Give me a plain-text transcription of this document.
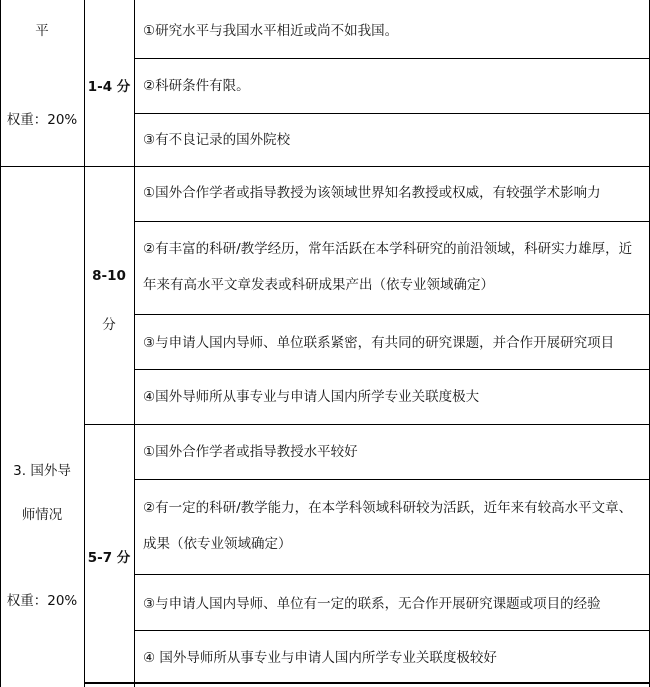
平
权重：20%
1-4 分
①研究水平与我国水平相近或尚不如我国。
②科研条件有限。
③有不良记录的国外院校
3. 国外导
师情况
权重：20%
8-10
分
①国外合作学者或指导教授为该领域世界知名教授或权威，有较强学术影响力
②有丰富的科研/教学经历，常年活跃在本学科研究的前沿领域，科研实力雄厚，近年来有高水平文章发表或科研成果产出（依专业领域确定）
③与申请人国内导师、单位联系紧密，有共同的研究课题，并合作开展研究项目
④国外导师所从事专业与申请人国内所学专业关联度极大
5-7 分
①国外合作学者或指导教授水平较好
②有一定的科研/教学能力，在本学科领域科研较为活跃，近年来有较高水平文章、成果（依专业领域确定）
③与申请人国内导师、单位有一定的联系，无合作开展研究课题或项目的经验
④ 国外导师所从事专业与申请人国内所学专业关联度极较好
